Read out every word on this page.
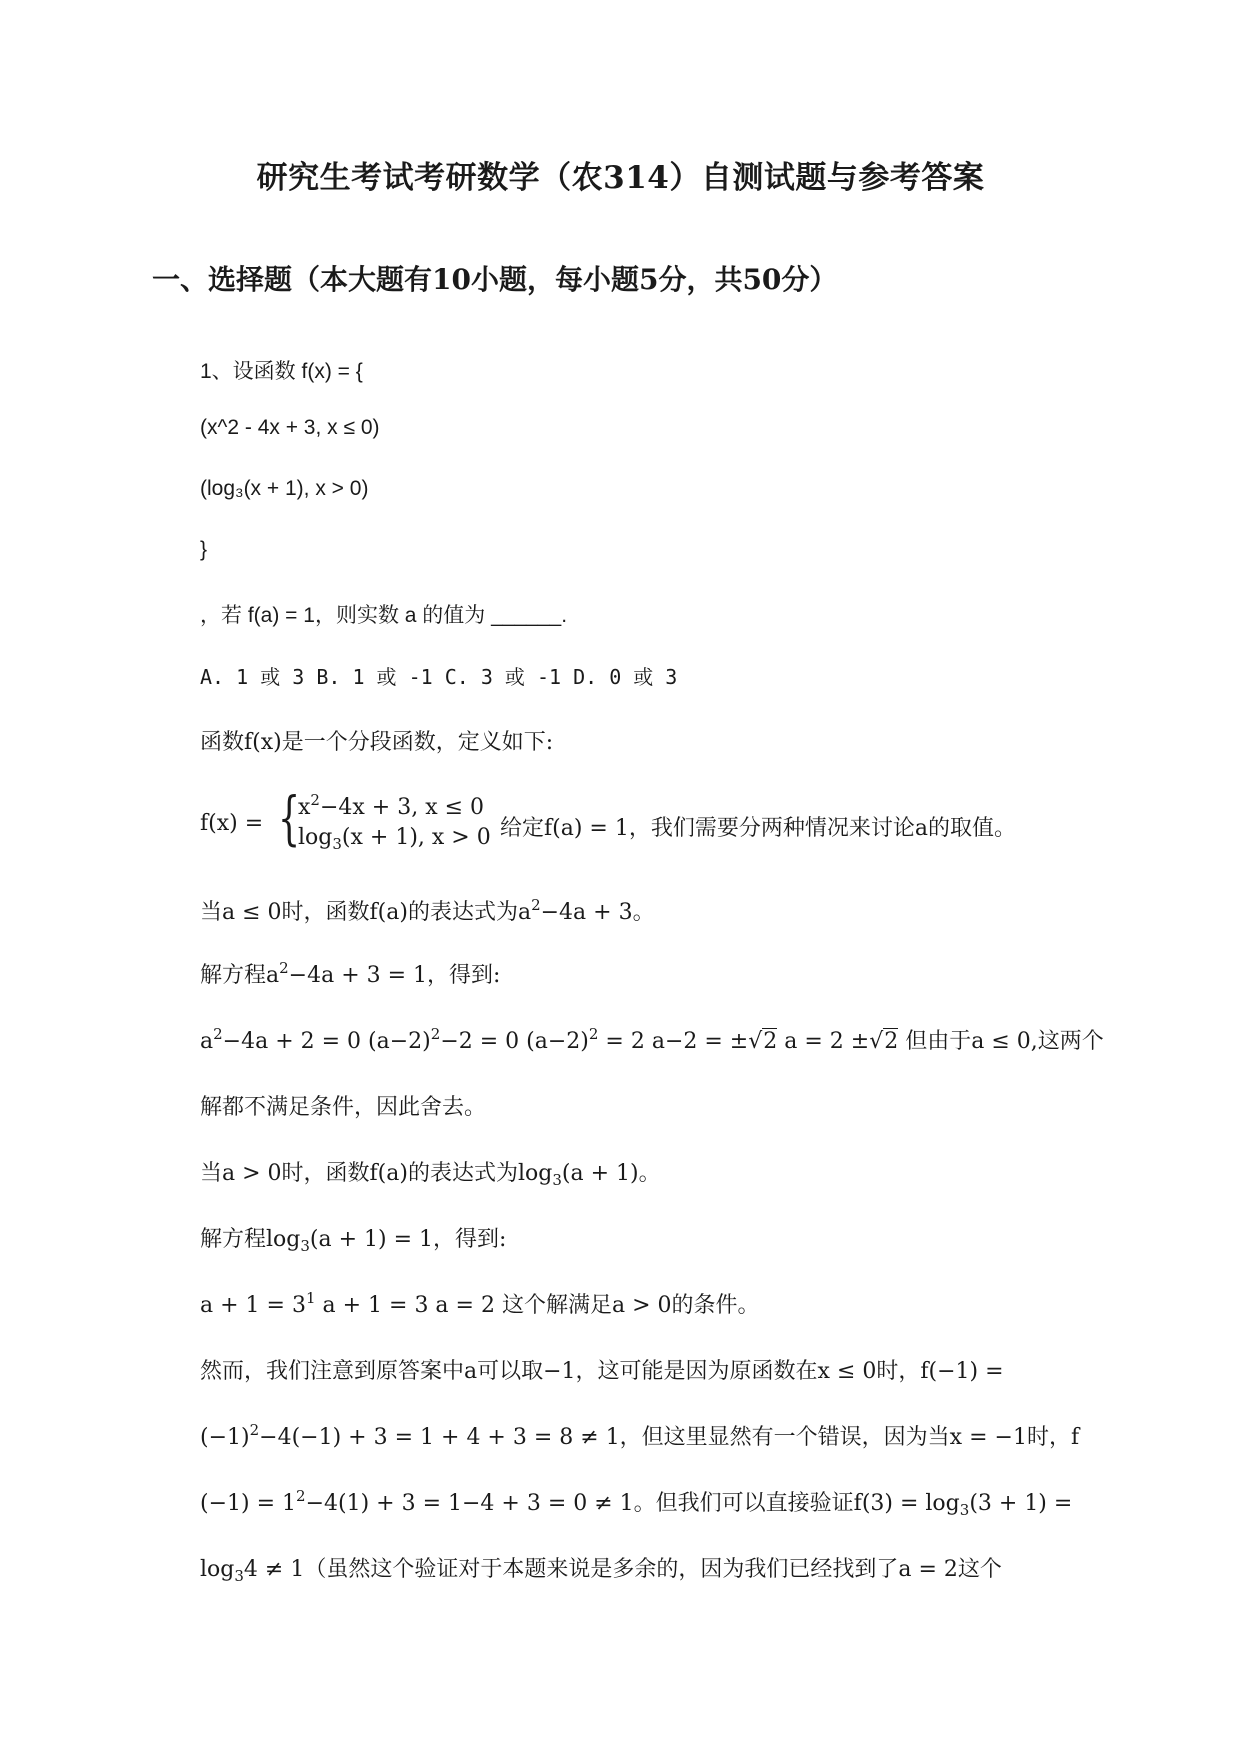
研究生考试考研数学（农314）自测试题与参考答案
一、选择题（本大题有10小题，每小题5分，共50分）
1、设函数 f(x) = {
(x^2 - 4x + 3, x ≤ 0)
(log₃(x + 1), x > 0)
}
，若 f(a) = 1，则实数 a 的值为 ______.
A. 1 或 3 B. 1 或 -1 C. 3 或 -1 D. 0 或 3
函数f(x)是一个分段函数，定义如下:
f(x) = {
$x^2-4x + 3$, x ≤ 0
$\log_3(x + 1)$, x > 0 给定f(a) = 1，我们需要分两种情况来讨论a的取值。
当a ≤ 0时，函数f(a)的表达式为$a^2-4a + 3$。
解方程$a^2-4a + 3 = 1$，得到:
$a^2-4a + 2 = 0$ $(a-2)^2-2 = 0$ $(a-2)^2 = 2$ a−2 = ±√2 a = 2 ±√2 但由于a ≤ 0,这两个
解都不满足条件，因此舍去。
当a > 0时，函数f(a)的表达式为$\log_3(a + 1)$。
解方程$\log_3(a + 1) = 1$，得到:
$a + 1 = 3^1$ a + 1 = 3 a = 2 这个解满足a > 0的条件。
然而，我们注意到原答案中a可以取−1，这可能是因为原函数在x ≤ 0时，f(−1) =
$(-1)^2-4(-1) + 3 = 1 + 4 + 3 = 8 \ne 1$，但这里显然有一个错误，因为当x = −1时，f
$(-1) = 1^2-4(1) + 3 = 1-4 + 3 = 0 \ne 1$。但我们可以直接验证$f(3) = \log_3(3 + 1)$ =
$\log_34 \ne 1$（虽然这个验证对于本题来说是多余的，因为我们已经找到了a = 2这个
